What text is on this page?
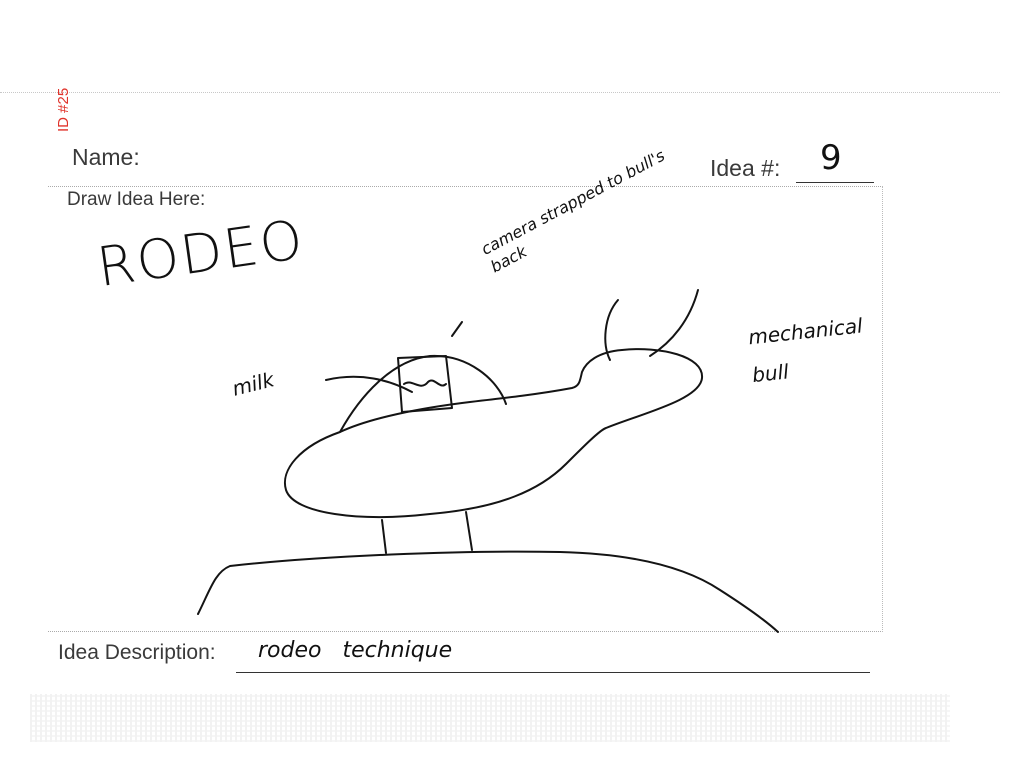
ID #25
Name:	Idea #: 9
Draw Idea Here:
RODEO	camera strapped to bull's back
mechanical bull
milk
Idea Description: rodeo technique
